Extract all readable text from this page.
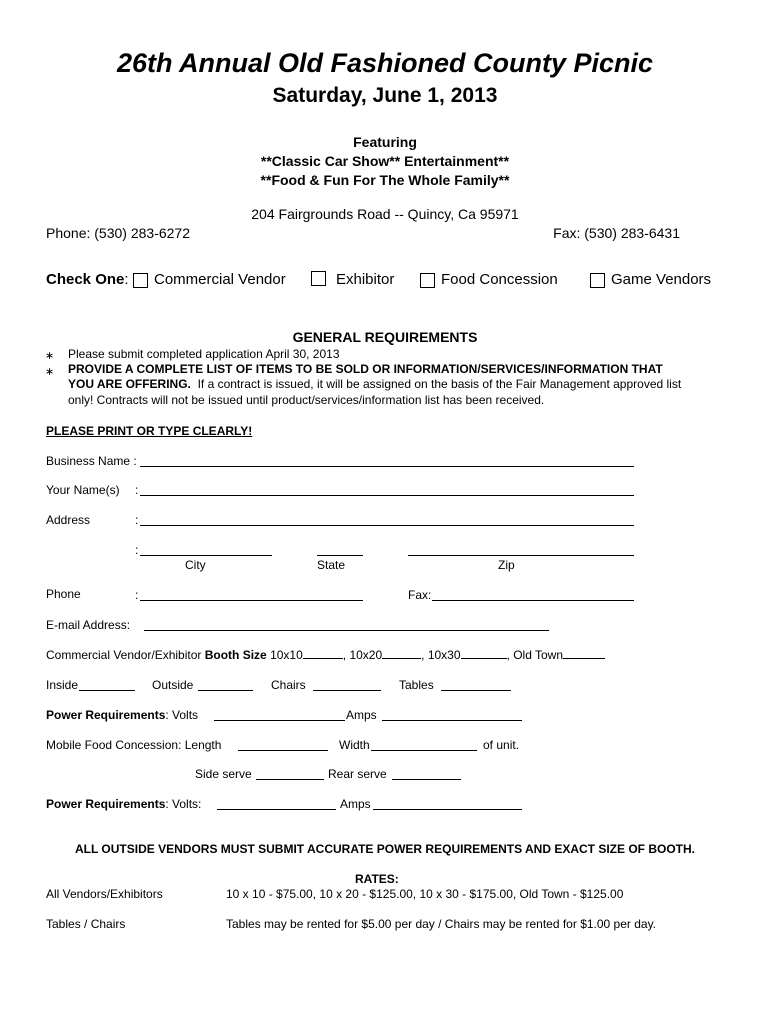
26th Annual Old Fashioned County Picnic
Saturday, June 1, 2013
Featuring
**Classic Car Show** Entertainment**
**Food & Fun For The Whole Family**
204 Fairgrounds Road -- Quincy, Ca 95971
Phone: (530) 283-6272	Fax: (530) 283-6431
Check One: Commercial Vendor	Exhibitor	Food Concession	Game Vendors
GENERAL REQUIREMENTS
∗ Please submit completed application April 30, 2013
∗ PROVIDE A COMPLETE LIST OF ITEMS TO BE SOLD OR INFORMATION/SERVICES/INFORMATION THAT
YOU ARE OFFERING. If a contract is issued, it will be assigned on the basis of the Fair Management approved list
only! Contracts will not be issued until product/services/information list has been received.
PLEASE PRINT OR TYPE CLEARLY!
Business Name :
Your Name(s) :
Address	:
:
City	State	Zip
Phone	:	Fax:
E-mail Address:
Commercial Vendor/Exhibitor Booth Size 10x10	, 10x20	, 10x30	, Old Town
Inside	Outside	Chairs	Tables
Power Requirements: Volts	Amps
Mobile Food Concession: Length	Width	of unit.
Side serve	Rear serve
Power Requirements: Volts:	Amps
ALL OUTSIDE VENDORS MUST SUBMIT ACCURATE POWER REQUIREMENTS AND EXACT SIZE OF BOOTH.
RATES:
All Vendors/Exhibitors	10 x 10 - $75.00, 10 x 20 - $125.00, 10 x 30 - $175.00, Old Town - $125.00
Tables / Chairs	Tables may be rented for $5.00 per day / Chairs may be rented for $1.00 per day.
